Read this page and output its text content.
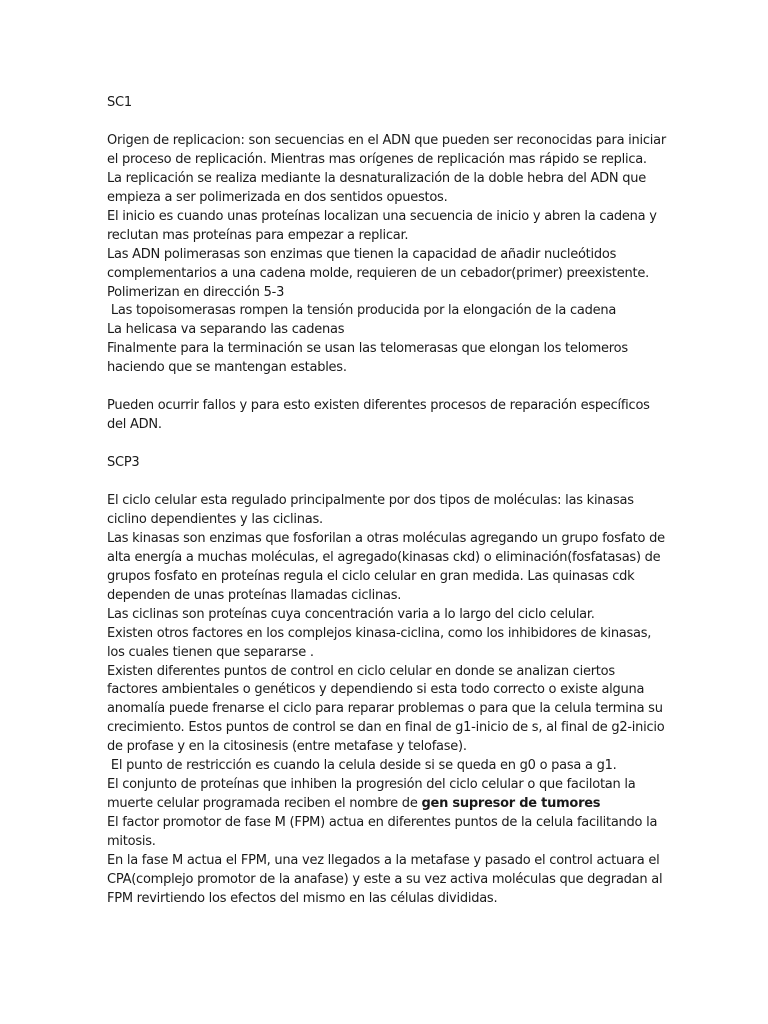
SC1

Origen de replicacion: son secuencias en el ADN que pueden ser reconocidas para iniciar el proceso de replicación. Mientras mas orígenes de replicación mas rápido se replica.

La replicación se realiza mediante la desnaturalización de la doble hebra del ADN que empieza a ser polimerizada en dos sentidos opuestos.

El inicio es cuando unas proteínas localizan una secuencia de inicio y abren la cadena y reclutan mas proteínas para empezar a replicar.

Las ADN polimerasas son enzimas que tienen la capacidad de añadir nucleótidos complementarios a una cadena molde, requieren de un cebador(primer) preexistente.

Polimerizan en dirección 5-3

Las topoisomerasas rompen la tensión producida por la elongación de la cadena

La helicasa va separando las cadenas

Finalmente para la terminación se usan las telomerasas que elongan los telomeros haciendo que se mantengan estables.

Pueden ocurrir fallos y para esto existen diferentes procesos de reparación específicos del ADN.

SCP3

El ciclo celular esta regulado principalmente por dos tipos de moléculas: las kinasas ciclino dependientes y las ciclinas.

Las kinasas son enzimas que fosforilan a otras moléculas agregando un grupo fosfato de alta energía a muchas moléculas, el agregado(kinasas ckd) o eliminación(fosfatasas) de grupos fosfato en proteínas regula el ciclo celular en gran medida. Las quinasas cdk dependen de unas proteínas llamadas ciclinas.

Las ciclinas son proteínas cuya concentración varia a lo largo del ciclo celular.

Existen otros factores en los complejos kinasa-ciclina, como los inhibidores de kinasas, los cuales tienen que separarse .

Existen diferentes puntos de control en ciclo celular en donde se analizan ciertos factores ambientales o genéticos y dependiendo si esta todo correcto o existe alguna anomalía puede frenarse el ciclo para reparar problemas o para que la celula termina su crecimiento. Estos puntos de control se dan en final de g1-inicio de s, al final de g2-inicio de profase y en la citosinesis (entre metafase y telofase).

El punto de restricción es cuando la celula deside si se queda en g0 o pasa a g1.

El conjunto de proteínas que inhiben la progresión del ciclo celular o que facilotan la muerte celular programada reciben el nombre de gen supresor de tumores

El factor promotor de fase M (FPM) actua en diferentes puntos de la celula facilitando la mitosis.

En la fase M actua el FPM, una vez llegados a la metafase y pasado el control actuara el CPA(complejo promotor de la anafase) y este a su vez activa moléculas que degradan al FPM revirtiendo los efectos del mismo en las células divididas.
